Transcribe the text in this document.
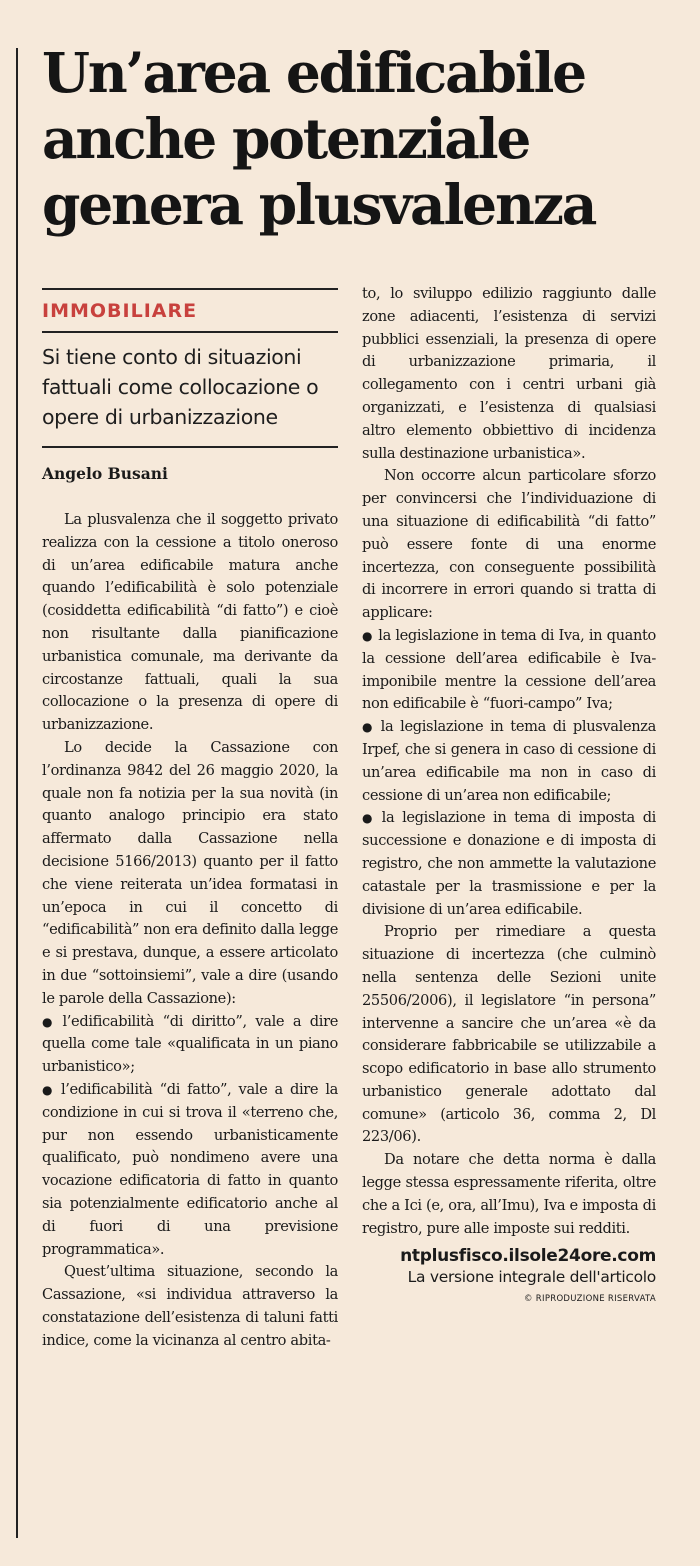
Un’area edificabile
anche potenziale
genera plusvalenza
IMMOBILIARE
Si tiene conto di situazioni fattuali come collocazione o opere di urbanizzazione
Angelo Busani

La plusvalenza che il soggetto privato realizza con la cessione a titolo oneroso di un’area edificabile matura anche quando l’edificabilità è solo potenziale (cosiddetta edificabilità “di fatto”) e cioè non risultante dalla pianificazione urbanistica comunale, ma derivante da circostanze fattuali, quali la sua collocazione o la presenza di opere di urbanizzazione.

Lo decide la Cassazione con l’ordinanza 9842 del 26 maggio 2020, la quale non fa notizia per la sua novità (in quanto analogo principio era stato affermato dalla Cassazione nella decisione 5166/2013) quanto per il fatto che viene reiterata un’idea formatasi in un’epoca in cui il concetto di “edificabilità” non era definito dalla legge e si prestava, dunque, a essere articolato in due “sottoinsiemi”, vale a dire (usando le parole della Cassazione):

● l’edificabilità “di diritto”, vale a dire quella come tale «qualificata in un piano urbanistico»;

● l’edificabilità “di fatto”, vale a dire la condizione in cui si trova il «terreno che, pur non essendo urbanisticamente qualificato, può nondimeno avere una vocazione edificatoria di fatto in quanto sia potenzialmente edificatorio anche al di fuori di una previsione programmatica».

Quest’ultima situazione, secondo la Cassazione, «si individua attraverso la constatazione dell’esistenza di taluni fatti indice, come la vicinanza al centro abita-

to, lo sviluppo edilizio raggiunto dalle zone adiacenti, l’esistenza di servizi pubblici essenziali, la presenza di opere di urbanizzazione primaria, il collegamento con i centri urbani già organizzati, e l’esistenza di qualsiasi altro elemento obbiettivo di incidenza sulla destinazione urbanistica».

Non occorre alcun particolare sforzo per convincersi che l’individuazione di una situazione di edificabilità “di fatto” può essere fonte di una enorme incertezza, con conseguente possibilità di incorrere in errori quando si tratta di applicare:

● la legislazione in tema di Iva, in quanto la cessione dell’area edificabile è Iva-imponibile mentre la cessione dell’area non edificabile è “fuori-campo” Iva;

● la legislazione in tema di plusvalenza Irpef, che si genera in caso di cessione di un’area edificabile ma non in caso di cessione di un’area non edificabile;

● la legislazione in tema di imposta di successione e donazione e di imposta di registro, che non ammette la valutazione catastale per la trasmissione e per la divisione di un’area edificabile.

Proprio per rimediare a questa situazione di incertezza (che culminò nella sentenza delle Sezioni unite 25506/2006), il legislatore “in persona” intervenne a sancire che un’area «è da considerare fabbricabile se utilizzabile a scopo edificatorio in base allo strumento urbanistico generale adottato dal comune» (articolo 36, comma 2, Dl 223/06).

Da notare che detta norma è dalla legge stessa espressamente riferita, oltre che a Ici (e, ora, all’Imu), Iva e imposta di registro, pure alle imposte sui redditi.

ntplusfisco.ilsole24ore.com
La versione integrale dell'articolo
© RIPRODUZIONE RISERVATA
